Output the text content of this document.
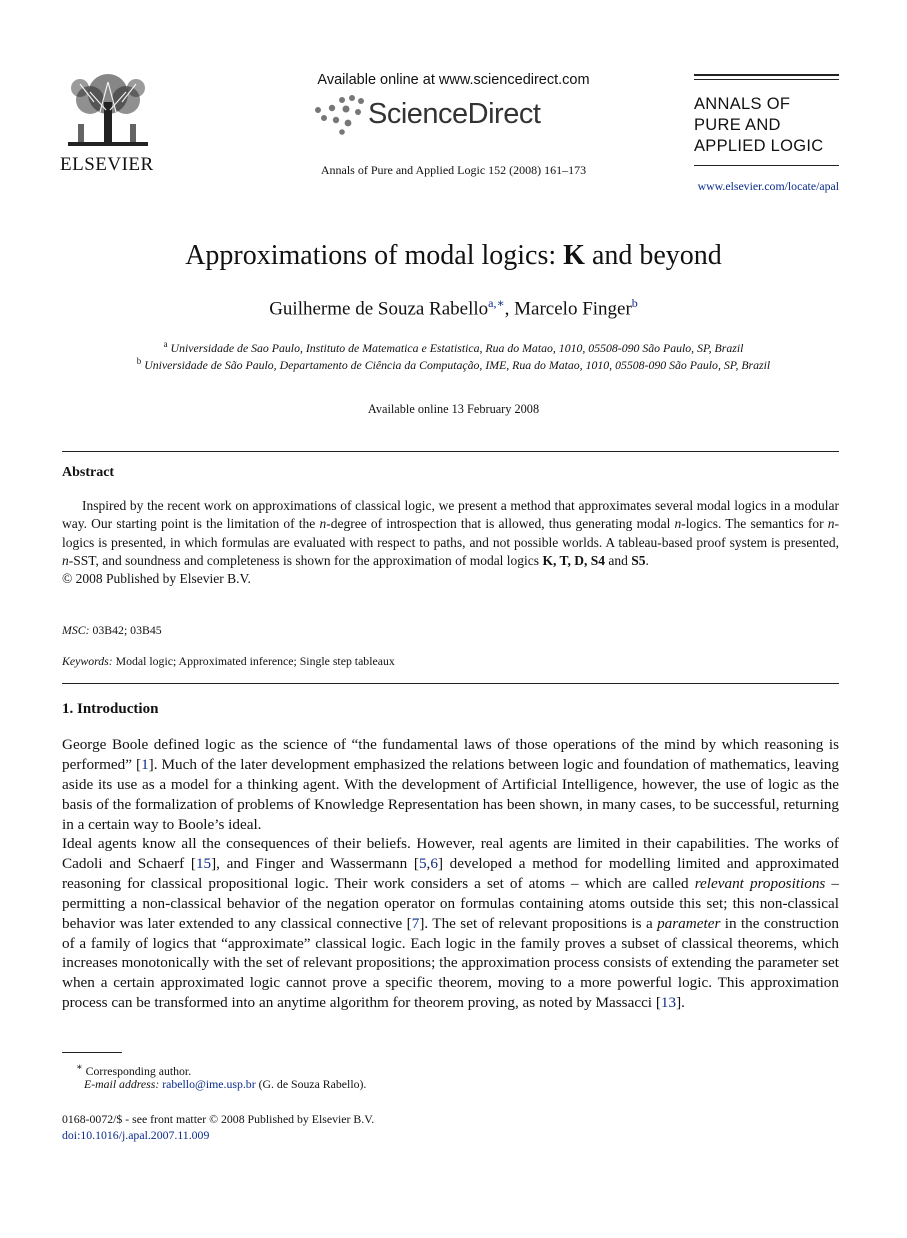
ELSEVIER
Available online at www.sciencedirect.com
ScienceDirect
Annals of Pure and Applied Logic 152 (2008) 161–173
ANNALS OF
PURE AND
APPLIED LOGIC
www.elsevier.com/locate/apal
Approximations of modal logics: K and beyond
Guilherme de Souza Rabello$^{a,∗}$, Marcelo Finger$^b$
$^a$ Universidade de Sao Paulo, Instituto de Matematica e Estatistica, Rua do Matao, 1010, 05508-090 São Paulo, SP, Brazil
$^b$ Universidade de São Paulo, Departamento de Ciência da Computação, IME, Rua do Matao, 1010, 05508-090 São Paulo, SP, Brazil
Available online 13 February 2008
Abstract
Inspired by the recent work on approximations of classical logic, we present a method that approximates several modal logics in a modular way. Our starting point is the limitation of the n-degree of introspection that is allowed, thus generating modal n-logics. The semantics for n-logics is presented, in which formulas are evaluated with respect to paths, and not possible worlds. A tableau-based proof system is presented, n-SST, and soundness and completeness is shown for the approximation of modal logics K, T, D, S4 and S5.
© 2008 Published by Elsevier B.V.
MSC: 03B42; 03B45
Keywords: Modal logic; Approximated inference; Single step tableaux
1. Introduction
George Boole defined logic as the science of “the fundamental laws of those operations of the mind by which reasoning is performed” [1]. Much of the later development emphasized the relations between logic and foundation of mathematics, leaving aside its use as a model for a thinking agent. With the development of Artificial Intelligence, however, the use of logic as the basis of the formalization of problems of Knowledge Representation has been shown, in many cases, to be successful, returning in a certain way to Boole’s ideal.
Ideal agents know all the consequences of their beliefs. However, real agents are limited in their capabilities. The works of Cadoli and Schaerf [15], and Finger and Wassermann [5,6] developed a method for modelling limited and approximated reasoning for classical propositional logic. Their work considers a set of atoms – which are called relevant propositions – permitting a non-classical behavior of the negation operator on formulas containing atoms outside this set; this non-classical behavior was later extended to any classical connective [7]. The set of relevant propositions is a parameter in the construction of a family of logics that “approximate” classical logic. Each logic in the family proves a subset of classical theorems, which increases monotonically with the set of relevant propositions; the approximation process consists of extending the parameter set when a certain approximated logic cannot prove a specific theorem, moving to a more powerful logic. This approximation process can be transformed into an anytime algorithm for theorem proving, as noted by Massacci [13].
∗ Corresponding author.
E-mail address: rabello@ime.usp.br (G. de Souza Rabello).
0168-0072/$ - see front matter © 2008 Published by Elsevier B.V.
doi:10.1016/j.apal.2007.11.009
